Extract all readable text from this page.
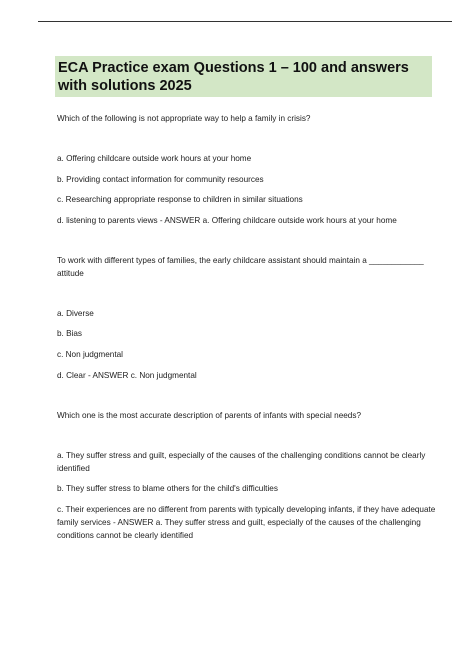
ECA Practice exam Questions 1 – 100 and answers with solutions 2025

Which of the following is not appropriate way to help a family in crisis?

a. Offering childcare outside work hours at your home

b. Providing contact information for community resources

c. Researching appropriate response to children in similar situations

d. listening to parents views - ANSWER a. Offering childcare outside work hours at your home

To work with different types of families, the early childcare assistant should maintain a ____________ attitude

a. Diverse

b. Bias

c. Non judgmental

d. Clear - ANSWER c. Non judgmental

Which one is the most accurate description of parents of infants with special needs?

a. They suffer stress and guilt, especially of the causes of the challenging conditions cannot be clearly identified

b. They suffer stress to blame others for the child's difficulties

c. Their experiences are no different from parents with typically developing infants, if they have adequate family services - ANSWER a. They suffer stress and guilt, especially of the causes of the challenging conditions cannot be clearly identified
